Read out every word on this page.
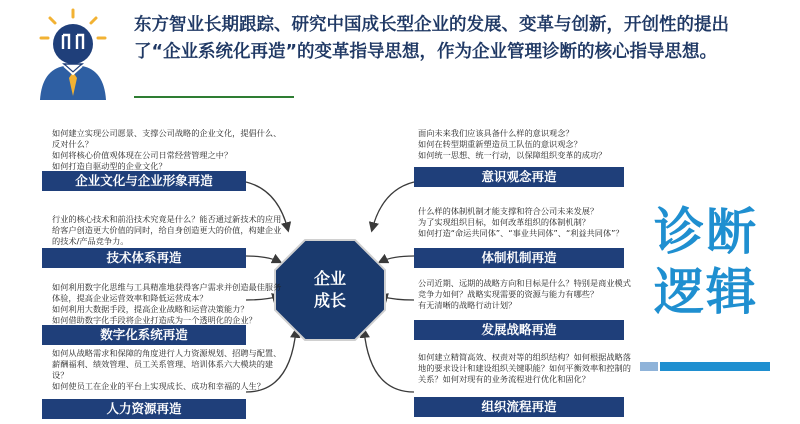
东方智业长期跟踪、研究中国成长型企业的发展、变革与创新，开创性的提出了“企业系统化再造”的变革指导思想，作为企业管理诊断的核心指导思想。
企业
成长
如何建立实现公司愿景、支撑公司战略的企业文化，提倡什么、反对什么？
如何将核心价值观体现在公司日常经营管理之中？
如何打造自驱动型的企业文化？
企业文化与企业形象再造
行业的核心技术和前沿技术究竟是什么？能否通过新技术的应用给客户创造更大价值的同时，给自身创造更大的价值，构建企业的技术/产品竞争力。
技术体系再造
如何利用数字化思维与工具精准地获得客户需求并创造最佳服务体验，提高企业运营效率和降低运营成本？
如何利用大数据手段，提高企业战略和运营决策能力？
如何借助数字化手段将企业打造成为一个透明化的企业？
数字化系统再造
如何从战略需求和保障的角度进行人力资源规划、招聘与配置、薪酬福利、绩效管理、员工关系管理、培训体系六大模块的建设？
如何使员工在企业的平台上实现成长、成功和幸福的人生？
人力资源再造
面向未来我们应该具备什么样的意识观念？
如何在转型期重新塑造员工队伍的意识观念？
如何统一思想、统一行动，以保障组织变革的成功？
意识观念再造
什么样的体制机制才能支撑和符合公司未来发展？
为了实现组织目标，如何改革组织的体制机制？
如何打造“命运共同体”、“事业共同体”、“利益共同体”？
体制机制再造
公司近期、远期的战略方向和目标是什么？特别是商业模式竞争力如何？战略实现需要的资源与能力有哪些？
有无清晰的战略行动计划？
发展战略再造
如何建立精简高效、权责对等的组织结构？如何根据战略落地的要求设计和建设组织关键职能？如何平衡效率和控制的关系？如何对现有的业务流程进行优化和固化？
组织流程再造
诊断
逻辑
